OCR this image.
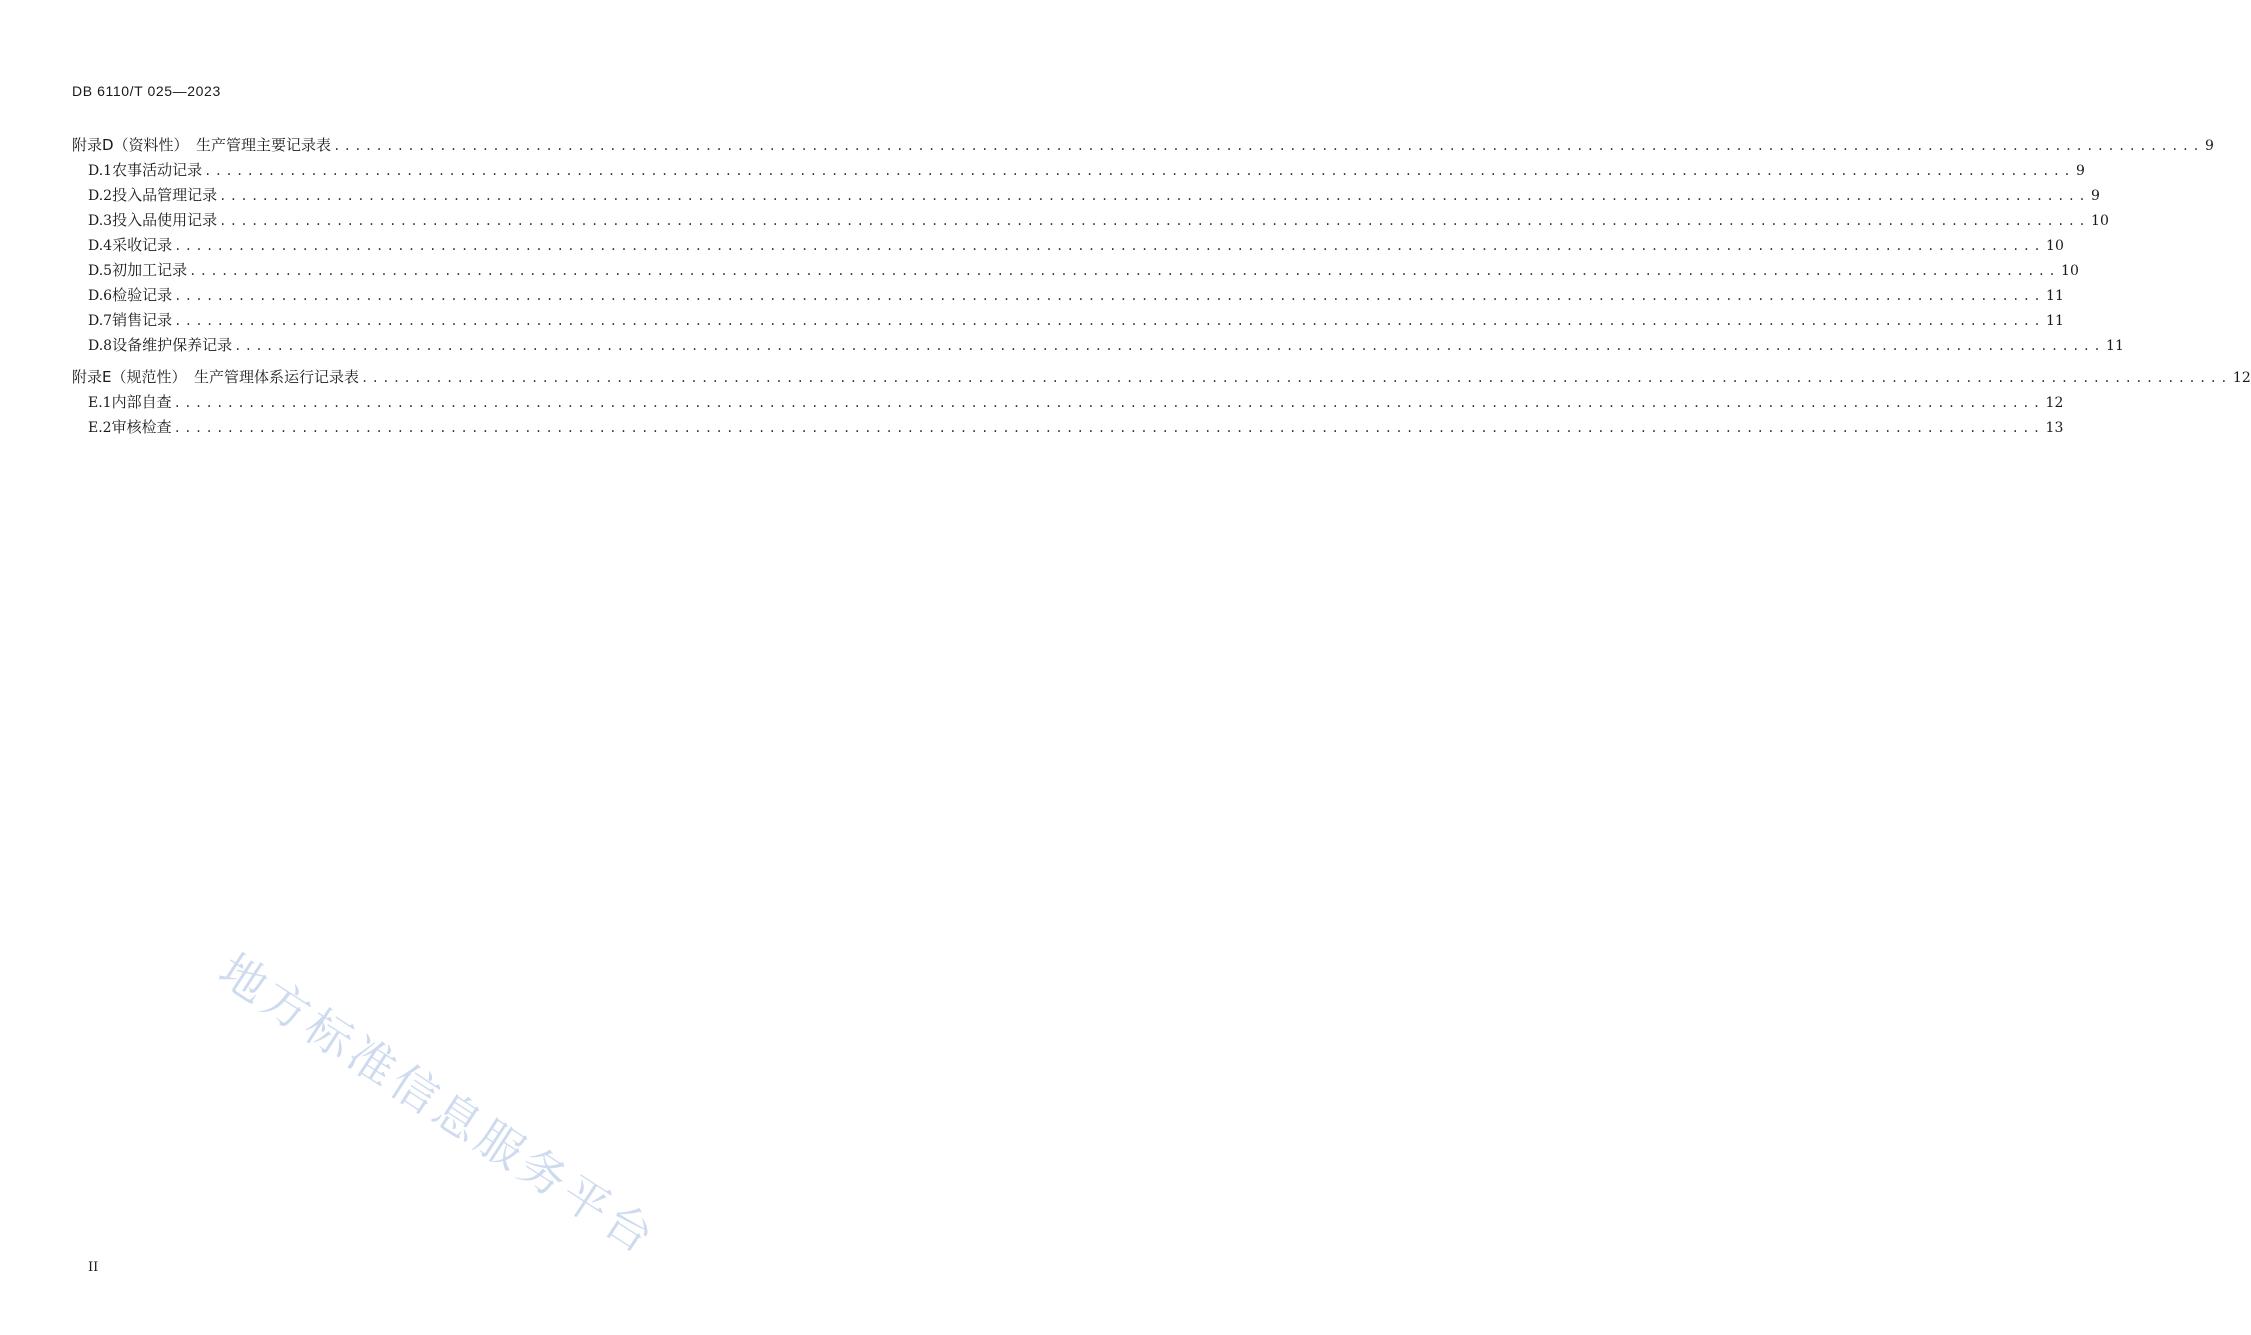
DB 6110/T 025—2023
附录D（资料性）　生产管理主要记录表 ................................................................................................................................................................................ 9
D.1 农事活动记录 ................................................................................................................................................................................ 9
D.2 投入品管理记录 ................................................................................................................................................................................ 9
D.3 投入品使用记录 ................................................................................................................................................................................ 10
D.4 采收记录 ................................................................................................................................................................................ 10
D.5 初加工记录 ................................................................................................................................................................................ 10
D.6 检验记录 ................................................................................................................................................................................ 11
D.7 销售记录 ................................................................................................................................................................................ 11
D.8 设备维护保养记录 ................................................................................................................................................................................ 11
附录E（规范性）　生产管理体系运行记录表 ................................................................................................................................................................................ 12
E.1 内部自查 ................................................................................................................................................................................ 12
E.2 审核检查 ................................................................................................................................................................................ 13
地方标准信息服务平台
II
